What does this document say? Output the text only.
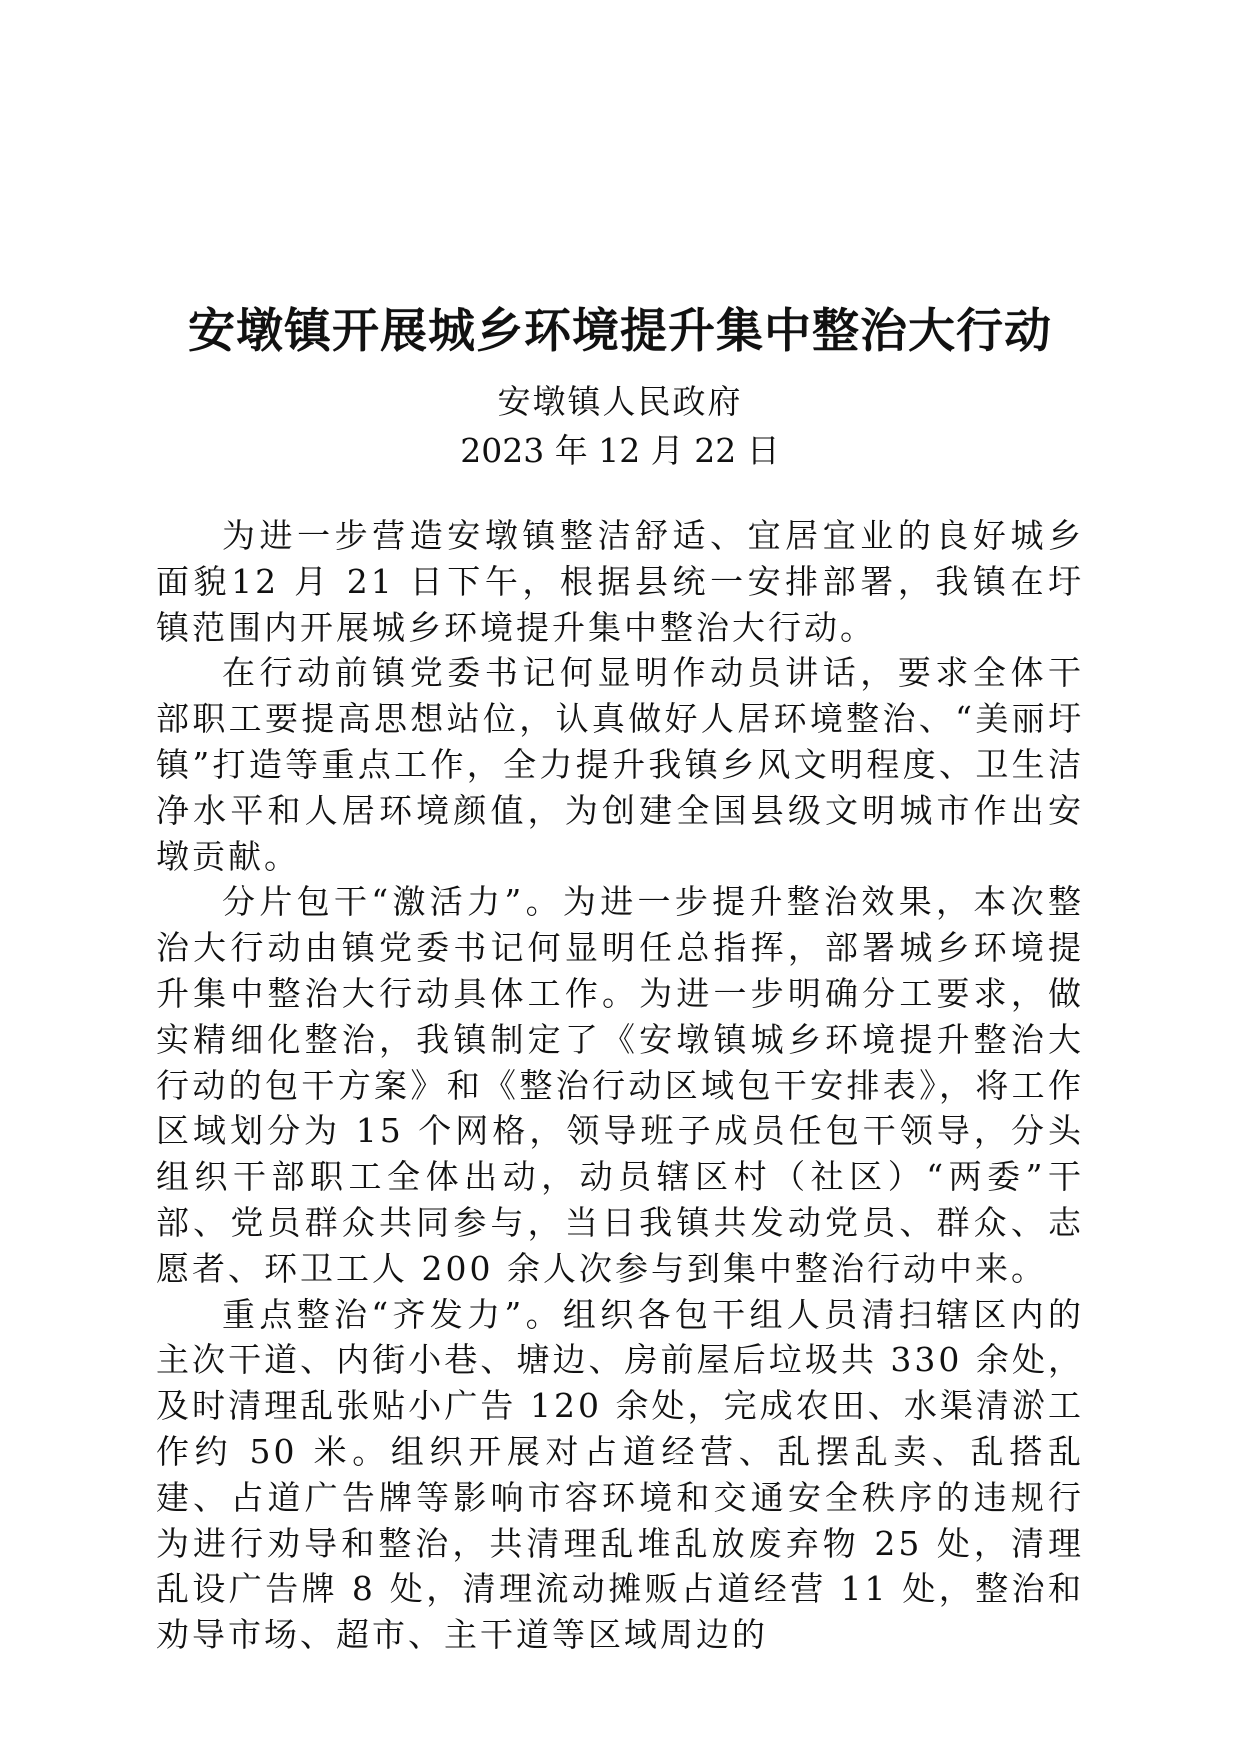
安墩镇开展城乡环境提升集中整治大行动
安墩镇人民政府
2023 年 12 月 22 日

为进一步营造安墩镇整洁舒适、宜居宜业的良好城乡面貌12 月 21 日下午，根据县统一安排部署，我镇在圩镇范围内开展城乡环境提升集中整治大行动。

在行动前镇党委书记何显明作动员讲话，要求全体干部职工要提高思想站位，认真做好人居环境整治、“美丽圩镇”打造等重点工作，全力提升我镇乡风文明程度、卫生洁净水平和人居环境颜值，为创建全国县级文明城市作出安墩贡献。

分片包干“激活力”。为进一步提升整治效果，本次整治大行动由镇党委书记何显明任总指挥，部署城乡环境提升集中整治大行动具体工作。为进一步明确分工要求，做实精细化整治，我镇制定了《安墩镇城乡环境提升整治大行动的包干方案》和《整治行动区域包干安排表》，将工作区域划分为 15 个网格，领导班子成员任包干领导，分头组织干部职工全体出动，动员辖区村（社区）“两委”干部、党员群众共同参与，当日我镇共发动党员、群众、志愿者、环卫工人 200 余人次参与到集中整治行动中来。

重点整治“齐发力”。组织各包干组人员清扫辖区内的主次干道、内街小巷、塘边、房前屋后垃圾共 330 余处，及时清理乱张贴小广告 120 余处，完成农田、水渠清淤工作约 50 米。组织开展对占道经营、乱摆乱卖、乱搭乱建、占道广告牌等影响市容环境和交通安全秩序的违规行为进行劝导和整治，共清理乱堆乱放废弃物 25 处，清理乱设广告牌 8 处，清理流动摊贩占道经营 11 处，整治和劝导市场、超市、主干道等区域周边的
